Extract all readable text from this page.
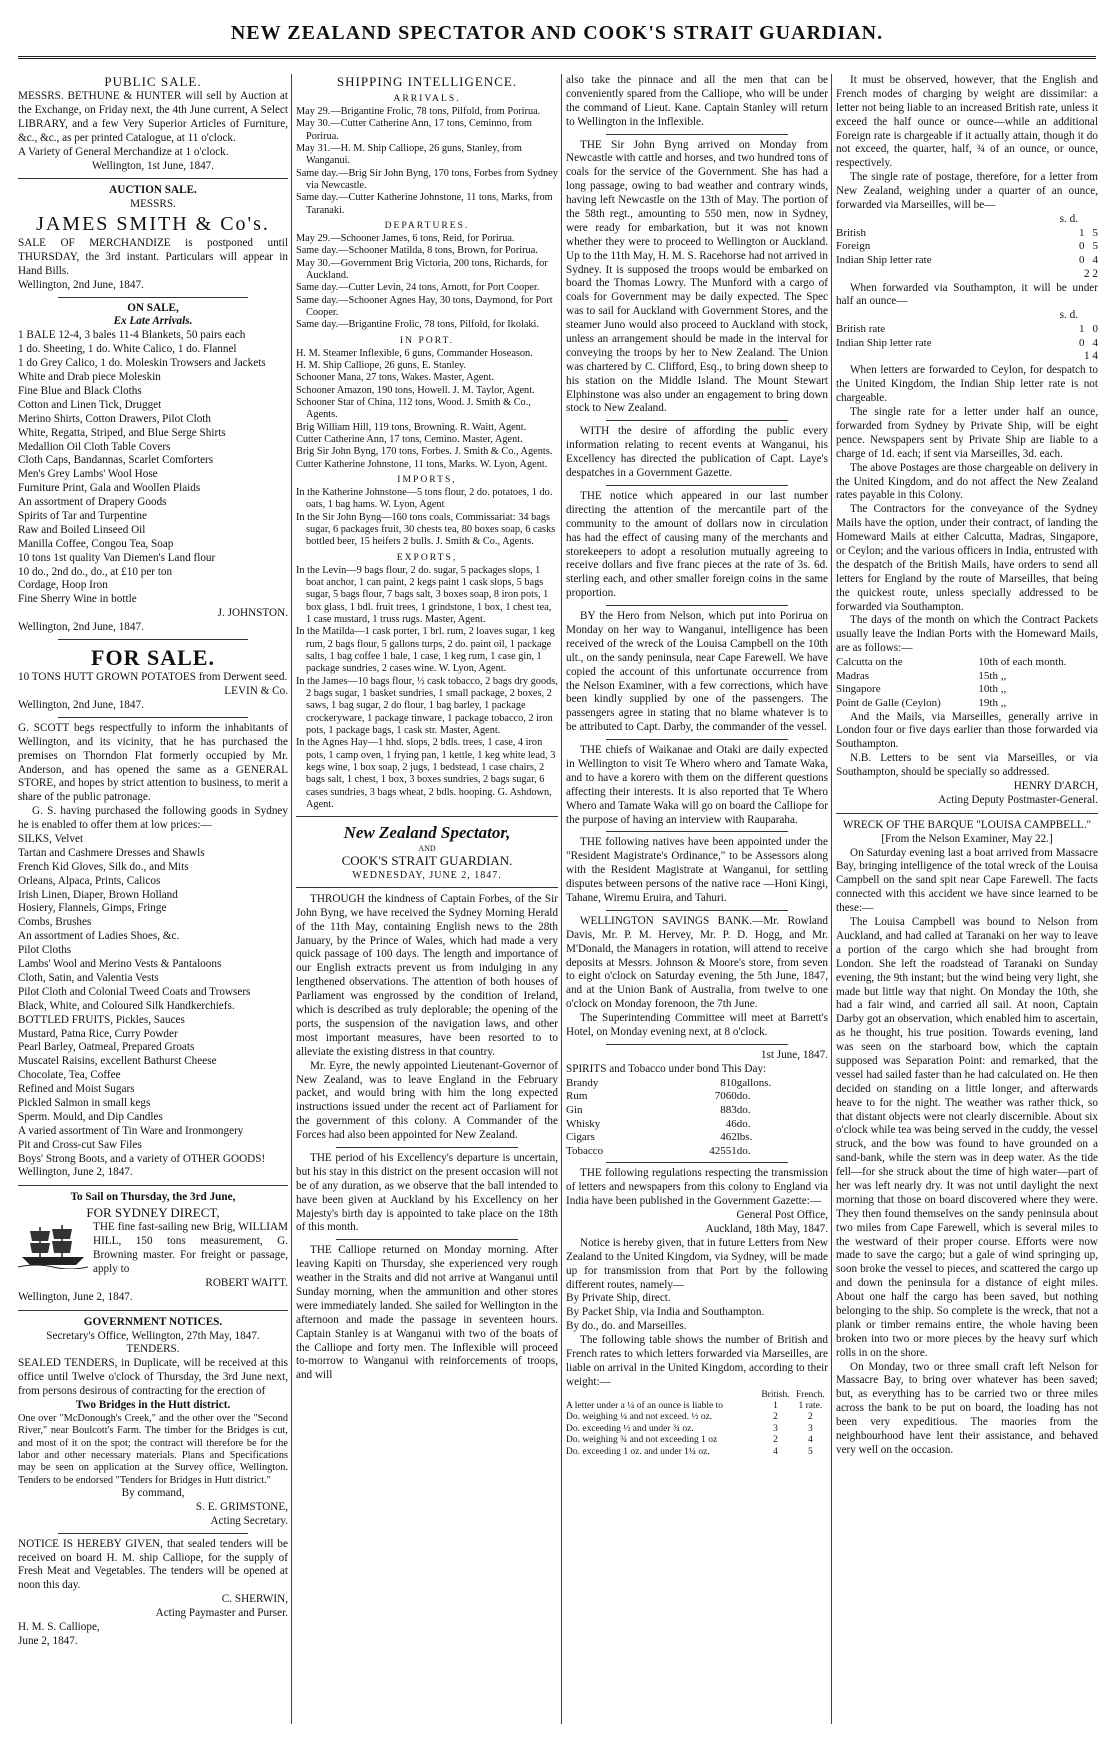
NEW ZEALAND SPECTATOR AND COOK'S STRAIT GUARDIAN.

PUBLIC SALE.

MESSRS. BETHUNE & HUNTER will sell by Auction at the Exchange, on Friday next, the 4th June current, A Select LIBRARY, and a few Very Superior Articles of Furniture, &c., &c., as per printed Catalogue, at 11 o'clock.

A Variety of General Merchandize at 1 o'clock.

Wellington, 1st June, 1847.

AUCTION SALE.

MESSRS.

JAMES SMITH & Co's.

SALE OF MERCHANDIZE is postponed until THURSDAY, the 3rd instant. Particulars will appear in Hand Bills.

Wellington, 2nd June, 1847.

ON SALE,

Ex Late Arrivals.

1 BALE 12-4, 3 bales 11-4 Blankets, 50 pairs each

1 do. Sheeting, 1 do. White Calico, 1 do. Flannel

1 do Grey Calico, 1 do. Moleskin Trowsers and Jackets

White and Drab piece Moleskin

Fine Blue and Black Cloths

Cotton and Linen Tick, Drugget

Merino Shirts, Cotton Drawers, Pilot Cloth

White, Regatta, Striped, and Blue Serge Shirts

Medallion Oil Cloth Table Covers

Cloth Caps, Bandannas, Scarlet Comforters

Men's Grey Lambs' Wool Hose

Furniture Print, Gala and Woollen Plaids

An assortment of Drapery Goods

Spirits of Tar and Turpentine

Raw and Boiled Linseed Oil

Manilla Coffee, Congou Tea, Soap

10 tons 1st quality Van Diemen's Land flour

10 do., 2nd do., do., at £10 per ton

Cordage, Hoop Iron

Fine Sherry Wine in bottle

J. JOHNSTON.

Wellington, 2nd June, 1847.

FOR SALE.

10 TONS HUTT GROWN POTATOES from Derwent seed.

LEVIN & Co.

Wellington, 2nd June, 1847.

G. SCOTT begs respectfully to inform the inhabitants of Wellington, and its vicinity, that he has purchased the premises on Thorndon Flat formerly occupied by Mr. Anderson, and has opened the same as a GENERAL STORE, and hopes by strict attention to business, to merit a share of the public patronage.

G. S. having purchased the following goods in Sydney he is enabled to offer them at low prices:—

SILKS, Velvet

Tartan and Cashmere Dresses and Shawls

French Kid Gloves, Silk do., and Mits

Orleans, Alpaca, Prints, Calicos

Irish Linen, Diaper, Brown Holland

Hosiery, Flannels, Gimps, Fringe

Combs, Brushes

An assortment of Ladies Shoes, &c.

Pilot Cloths

Lambs' Wool and Merino Vests & Pantaloons

Cloth, Satin, and Valentia Vests

Pilot Cloth and Colonial Tweed Coats and Trowsers

Black, White, and Coloured Silk Handkerchiefs.

BOTTLED FRUITS, Pickles, Sauces

Mustard, Patna Rice, Curry Powder

Pearl Barley, Oatmeal, Prepared Groats

Muscatel Raisins, excellent Bathurst Cheese

Chocolate, Tea, Coffee

Refined and Moist Sugars

Pickled Salmon in small kegs

Sperm. Mould, and Dip Candles

A varied assortment of Tin Ware and Ironmongery

Pit and Cross-cut Saw Files

Boys' Strong Boots, and a variety of OTHER GOODS!

Wellington, June 2, 1847.

To Sail on Thursday, the 3rd June,

FOR SYDNEY DIRECT,

THE fine fast-sailing new Brig, WILLIAM HILL, 150 tons measurement, G. Browning master. For freight or passage, apply to

ROBERT WAITT.

Wellington, June 2, 1847.

GOVERNMENT NOTICES.

Secretary's Office, Wellington, 27th May, 1847.

TENDERS.

SEALED TENDERS, in Duplicate, will be received at this office until Twelve o'clock of Thursday, the 3rd June next, from persons desirous of contracting for the erection of

Two Bridges in the Hutt district.

One over "McDonough's Creek," and the other over the "Second River," near Boulcott's Farm. The timber for the Bridges is cut, and most of it on the spot; the contract will therefore be for the labor and other necessary materials. Plans and Specifications may be seen on application at the Survey office, Wellington. Tenders to be endorsed "Tenders for Bridges in Hutt district."

By command,

S. E. GRIMSTONE,

Acting Secretary.

NOTICE IS HEREBY GIVEN, that sealed tenders will be received on board H. M. ship Calliope, for the supply of Fresh Meat and Vegetables. The tenders will be opened at noon this day.

C. SHERWIN,

Acting Paymaster and Purser.

H. M. S. Calliope,

June 2, 1847.

SHIPPING INTELLIGENCE.

ARRIVALS.

May 29.—Brigantine Frolic, 78 tons, Pilfold, from Porirua.

May 30.—Cutter Catherine Ann, 17 tons, Ceminno, from Porirua.

May 31.—H. M. Ship Calliope, 26 guns, Stanley, from Wanganui.

Same day.—Brig Sir John Byng, 170 tons, Forbes from Sydney via Newcastle.

Same day.—Cutter Katherine Johnstone, 11 tons, Marks, from Taranaki.

DEPARTURES.

May 29.—Schooner James, 6 tons, Reid, for Porirua.

Same day.—Schooner Matilda, 8 tons, Brown, for Porirua.

May 30.—Government Brig Victoria, 200 tons, Richards, for Auckland.

Same day.—Cutter Levin, 24 tons, Arnott, for Port Cooper.

Same day.—Schooner Agnes Hay, 30 tons, Daymond, for Port Cooper.

Same day.—Brigantine Frolic, 78 tons, Pilfold, for Ikolaki.

IN PORT.

H. M. Steamer Inflexible, 6 guns, Commander Hoseason.

H. M. Ship Calliope, 26 guns, E. Stanley.

Schooner Mana, 27 tons, Wakes. Master, Agent.

Schooner Amazon, 190 tons, Howell. J. M. Taylor, Agent.

Schooner Star of China, 112 tons, Wood. J. Smith & Co., Agents.

Brig William Hill, 119 tons, Browning. R. Waitt, Agent.

Cutter Catherine Ann, 17 tons, Cemino. Master, Agent.

Brig Sir John Byng, 170 tons, Forbes. J. Smith & Co., Agents.

Cutter Katherine Johnstone, 11 tons, Marks. W. Lyon, Agent.

IMPORTS,

In the Katherine Johnstone—5 tons flour, 2 do. potatoes, 1 do. oats, 1 bag hams. W. Lyon, Agent

In the Sir John Byng—160 tons coals, Commissariat: 34 bags sugar, 6 packages fruit, 30 chests tea, 80 boxes soap, 6 casks bottled beer, 15 heifers 2 bulls. J. Smith & Co., Agents.

EXPORTS,

In the Levin—9 bags flour, 2 do. sugar, 5 packages slops, 1 boat anchor, 1 can paint, 2 kegs paint 1 cask slops, 5 bags sugar, 5 bags flour, 7 bags salt, 3 boxes soap, 8 iron pots, 1 box glass, 1 bdl. fruit trees, 1 grindstone, 1 box, 1 chest tea, 1 case mustard, 1 truss rugs. Master, Agent.

In the Matilda—1 cask porter, 1 brl. rum, 2 loaves sugar, 1 keg rum, 2 bags flour, 5 gallons turps, 2 do. paint oil, 1 package salts, 1 bag coffee 1 bale, 1 case, 1 keg rum, 1 case gin, 1 package sundries, 2 cases wine. W. Lyon, Agent.

In the James—10 bags flour, ½ cask tobacco, 2 bags dry goods, 2 bags sugar, 1 basket sundries, 1 small package, 2 boxes, 2 saws, 1 bag sugar, 2 do flour, 1 bag barley, 1 package crockeryware, 1 package tinware, 1 package tobacco, 2 iron pots, 1 package bags, 1 cask str. Master, Agent.

In the Agnes Hay—1 hhd. slops, 2 bdls. trees, 1 case, 4 iron pots, 1 camp oven, 1 frying pan, 1 kettle, 1 keg white lead, 3 kegs wine, 1 box soap, 2 jugs, 1 bedstead, 1 case chairs, 2 bags salt, 1 chest, 1 box, 3 boxes sundries, 2 bags sugar, 6 cases sundries, 3 bags wheat, 2 bdls. hooping. G. Ashdown, Agent.

New Zealand Spectator,

AND

COOK'S STRAIT GUARDIAN.

WEDNESDAY, JUNE 2, 1847.

THROUGH the kindness of Captain Forbes, of the Sir John Byng, we have received the Sydney Morning Herald of the 11th May, containing English news to the 28th January, by the Prince of Wales, which had made a very quick passage of 100 days. The length and importance of our English extracts prevent us from indulging in any lengthened observations. The attention of both houses of Parliament was engrossed by the condition of Ireland, which is described as truly deplorable; the opening of the ports, the suspension of the navigation laws, and other most important measures, have been resorted to to alleviate the existing distress in that country.

Mr. Eyre, the newly appointed Lieutenant-Governor of New Zealand, was to leave England in the February packet, and would bring with him the long expected instructions issued under the recent act of Parliament for the government of this colony. A Commander of the Forces had also been appointed for New Zealand.

THE period of his Excellency's departure is uncertain, but his stay in this district on the present occasion will not be of any duration, as we observe that the ball intended to have been given at Auckland by his Excellency on her Majesty's birth day is appointed to take place on the 18th of this month.

THE Calliope returned on Monday morning. After leaving Kapiti on Thursday, she experienced very rough weather in the Straits and did not arrive at Wanganui until Sunday morning, when the ammunition and other stores were immediately landed. She sailed for Wellington in the afternoon and made the passage in seventeen hours. Captain Stanley is at Wanganui with two of the boats of the Calliope and forty men. The Inflexible will proceed to-morrow to Wanganui with reinforcements of troops, and will

also take the pinnace and all the men that can be conveniently spared from the Calliope, who will be under the command of Lieut. Kane. Captain Stanley will return to Wellington in the Inflexible.

THE Sir John Byng arrived on Monday from Newcastle with cattle and horses, and two hundred tons of coals for the service of the Government. She has had a long passage, owing to bad weather and contrary winds, having left Newcastle on the 13th of May. The portion of the 58th regt., amounting to 550 men, now in Sydney, were ready for embarkation, but it was not known whether they were to proceed to Wellington or Auckland. Up to the 11th May, H. M. S. Racehorse had not arrived in Sydney. It is supposed the troops would be embarked on board the Thomas Lowry. The Munford with a cargo of coals for Government may be daily expected. The Spec was to sail for Auckland with Government Stores, and the steamer Juno would also proceed to Auckland with stock, unless an arrangement should be made in the interval for conveying the troops by her to New Zealand. The Union was chartered by C. Clifford, Esq., to bring down sheep to his station on the Middle Island. The Mount Stewart Elphinstone was also under an engagement to bring down stock to New Zealand.

WITH the desire of affording the public every information relating to recent events at Wanganui, his Excellency has directed the publication of Capt. Laye's despatches in a Government Gazette.

THE notice which appeared in our last number directing the attention of the mercantile part of the community to the amount of dollars now in circulation has had the effect of causing many of the merchants and storekeepers to adopt a resolution mutually agreeing to receive dollars and five franc pieces at the rate of 3s. 6d. sterling each, and other smaller foreign coins in the same proportion.

BY the Hero from Nelson, which put into Porirua on Monday on her way to Wanganui, intelligence has been received of the wreck of the Louisa Campbell on the 10th ult., on the sandy peninsula, near Cape Farewell. We have copied the account of this unfortunate occurrence from the Nelson Examiner, with a few corrections, which have been kindly supplied by one of the passengers. The passengers agree in stating that no blame whatever is to be attributed to Capt. Darby, the commander of the vessel.

THE chiefs of Waikanae and Otaki are daily expected in Wellington to visit Te Whero whero and Tamate Waka, and to have a korero with them on the different questions affecting their interests. It is also reported that Te Whero Whero and Tamate Waka will go on board the Calliope for the purpose of having an interview with Rauparaha.

THE following natives have been appointed under the "Resident Magistrate's Ordinance," to be Assessors along with the Resident Magistrate at Wanganui, for settling disputes between persons of the native race —Honi Kingi, Tahane, Wiremu Eruira, and Tahuri.

WELLINGTON SAVINGS BANK.—Mr. Rowland Davis, Mr. P. M. Hervey, Mr. P. D. Hogg, and Mr. M'Donald, the Managers in rotation, will attend to receive deposits at Messrs. Johnson & Moore's store, from seven to eight o'clock on Saturday evening, the 5th June, 1847, and at the Union Bank of Australia, from twelve to one o'clock on Monday forenoon, the 7th June.

The Superintending Committee will meet at Barrett's Hotel, on Monday evening next, at 8 o'clock.

1st June, 1847.

SPIRITS and Tobacco under bond This Day:

Brandy	810	gallons.
Rum	7060	do.
Gin	883	do.
Whisky	46	do.
Cigars	462	lbs.
Tobacco	42551	do.

THE following regulations respecting the transmission of letters and newspapers from this colony to England via India have been published in the Government Gazette:—

General Post Office,

Auckland, 18th May, 1847.

Notice is hereby given, that in future Letters from New Zealand to the United Kingdom, via Sydney, will be made up for transmission from that Port by the following different routes, namely—

By Private Ship, direct.

By Packet Ship, via India and Southampton.

By do., do. and Marseilles.

The following table shows the number of British and French rates to which letters forwarded via Marseilles, are liable on arrival in the United Kingdom, according to their weight:—

	British.	French.
A letter under a ¼ of an ounce is liable to	1	1 rate.
Do. weighing ¼ and not exceed. ½ oz.	2	2
Do. exceeding ½ and under ¾ oz.	3	3
Do. weighing ¾ and not exceeding 1 oz	2	4
Do. exceeding 1 oz. and under 1¼ oz.	4	5

It must be observed, however, that the English and French modes of charging by weight are dissimilar: a letter not being liable to an increased British rate, unless it exceed the half ounce or ounce—while an additional Foreign rate is chargeable if it actually attain, though it do not exceed, the quarter, half, ¾ of an ounce, or ounce, respectively.

The single rate of postage, therefore, for a letter from New Zealand, weighing under a quarter of an ounce, forwarded via Marseilles, will be—

s. d.

British	1	5
Foreign	0	5
Indian Ship letter rate	0	4

2 2

When forwarded via Southampton, it will be under half an ounce—

s. d.

British rate	1	0
Indian Ship letter rate	0	4

1 4

When letters are forwarded to Ceylon, for despatch to the United Kingdom, the Indian Ship letter rate is not chargeable.

The single rate for a letter under half an ounce, forwarded from Sydney by Private Ship, will be eight pence. Newspapers sent by Private Ship are liable to a charge of 1d. each; if sent via Marseilles, 3d. each.

The above Postages are those chargeable on delivery in the United Kingdom, and do not affect the New Zealand rates payable in this Colony.

The Contractors for the conveyance of the Sydney Mails have the option, under their contract, of landing the Homeward Mails at either Calcutta, Madras, Singapore, or Ceylon; and the various officers in India, entrusted with the despatch of the British Mails, have orders to send all letters for England by the route of Marseilles, that being the quickest route, unless specially addressed to be forwarded via Southampton.

The days of the month on which the Contract Packets usually leave the Indian Ports with the Homeward Mails, are as follows:—

Calcutta on the	10th of each month.
Madras	15th ,,
Singapore	10th ,,
Point de Galle (Ceylon)	19th ,,

And the Mails, via Marseilles, generally arrive in London four or five days earlier than those forwarded via Southampton.

N.B. Letters to be sent via Marseilles, or via Southampton, should be specially so addressed.

HENRY D'ARCH,

Acting Deputy Postmaster-General.

WRECK OF THE BARQUE "LOUISA CAMPBELL."

[From the Nelson Examiner, May 22.]

On Saturday evening last a boat arrived from Massacre Bay, bringing intelligence of the total wreck of the Louisa Campbell on the sand spit near Cape Farewell. The facts connected with this accident we have since learned to be these:—

The Louisa Campbell was bound to Nelson from Auckland, and had called at Taranaki on her way to leave a portion of the cargo which she had brought from London. She left the roadstead of Taranaki on Sunday evening, the 9th instant; but the wind being very light, she made but little way that night. On Monday the 10th, she had a fair wind, and carried all sail. At noon, Captain Darby got an observation, which enabled him to ascertain, as he thought, his true position. Towards evening, land was seen on the starboard bow, which the captain supposed was Separation Point: and remarked, that the vessel had sailed faster than he had calculated on. He then decided on standing on a little longer, and afterwards heave to for the night. The weather was rather thick, so that distant objects were not clearly discernible. About six o'clock while tea was being served in the cuddy, the vessel struck, and the bow was found to have grounded on a sand-bank, while the stern was in deep water. As the tide fell—for she struck about the time of high water—part of her was left nearly dry. It was not until daylight the next morning that those on board discovered where they were. They then found themselves on the sandy peninsula about two miles from Cape Farewell, which is several miles to the westward of their proper course. Efforts were now made to save the cargo; but a gale of wind springing up, soon broke the vessel to pieces, and scattered the cargo up and down the peninsula for a distance of eight miles. About one half the cargo has been saved, but nothing belonging to the ship. So complete is the wreck, that not a plank or timber remains entire, the whole having been broken into two or more pieces by the heavy surf which rolls in on the shore.

On Monday, two or three small craft left Nelson for Massacre Bay, to bring over whatever has been saved; but, as everything has to be carried two or three miles across the bank to be put on board, the loading has not been very expeditious. The maories from the neighbourhood have lent their assistance, and behaved very well on the occasion.
